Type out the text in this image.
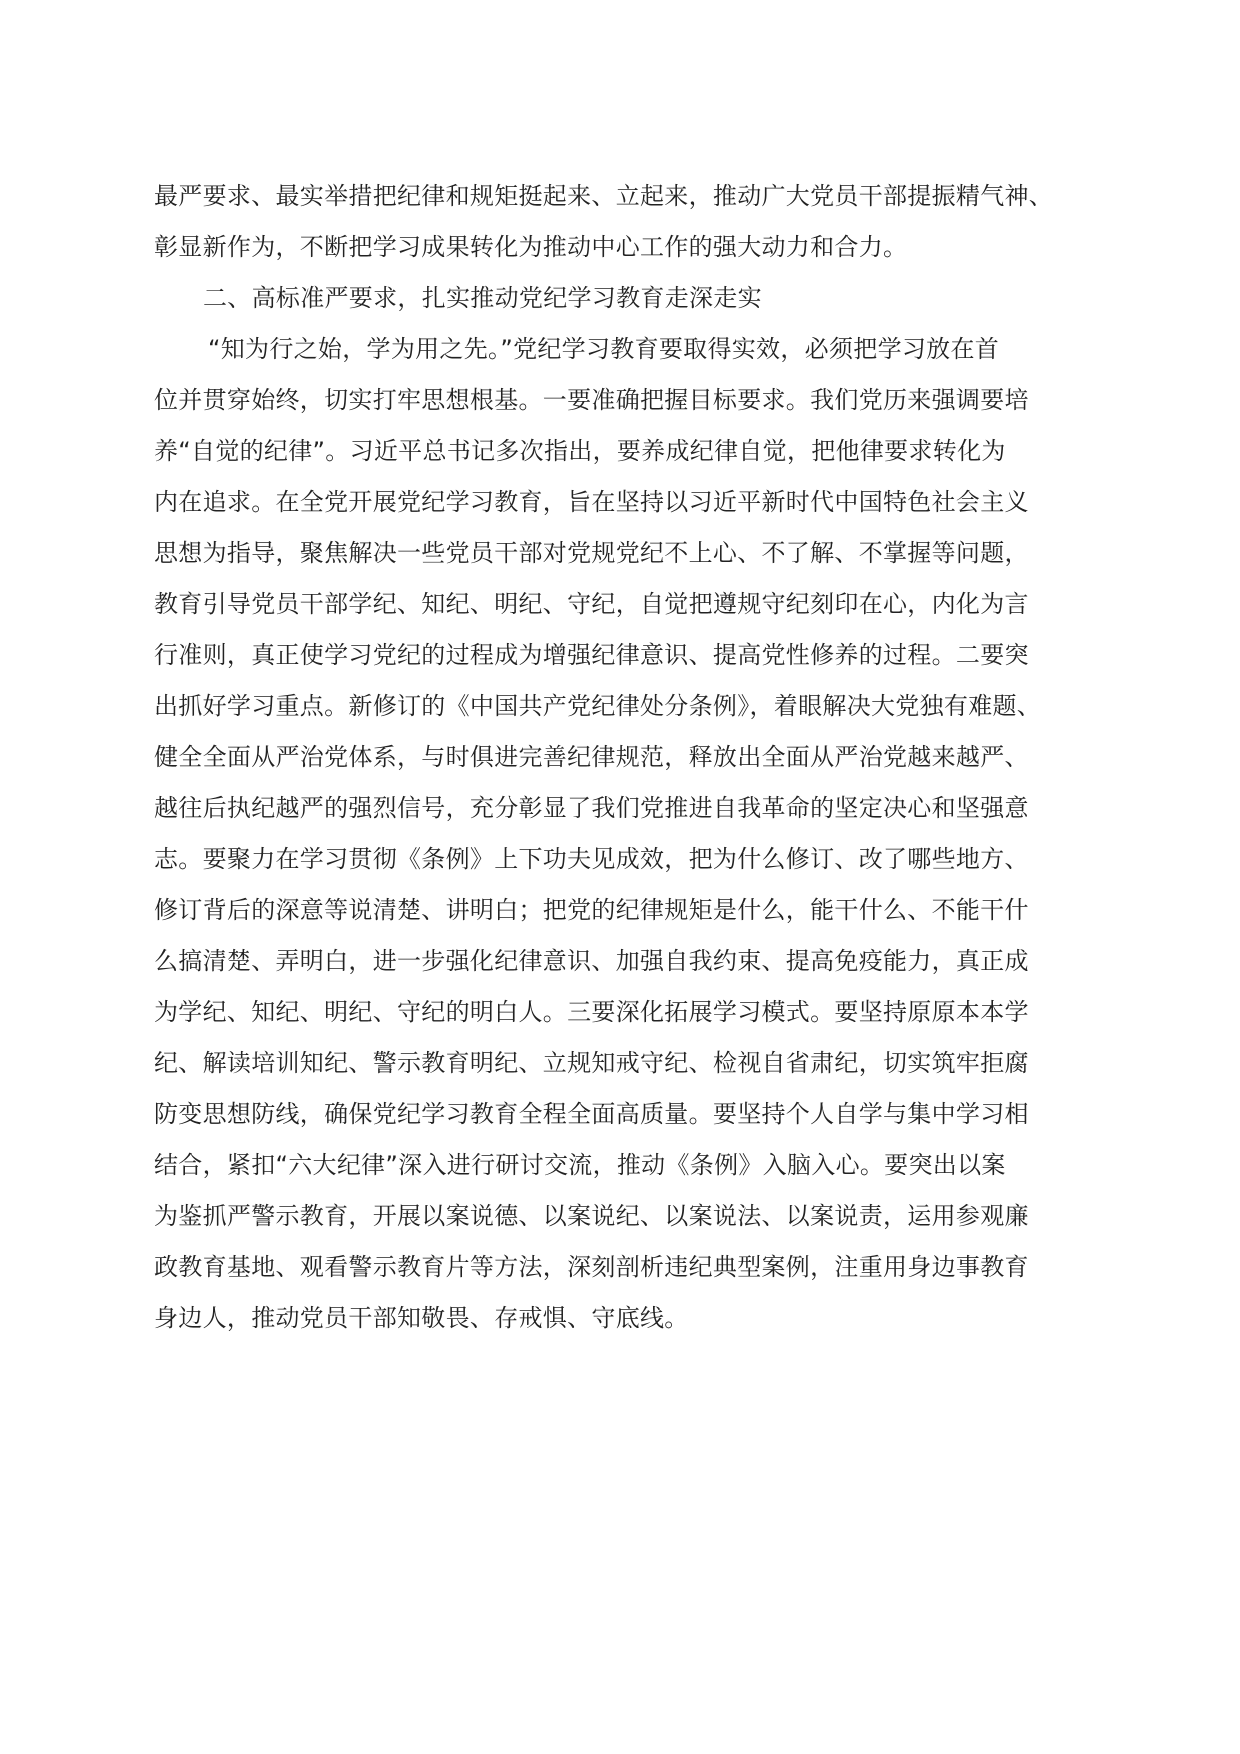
最严要求、最实举措把纪律和规矩挺起来、立起来，推动广大党员干部提振精气神、
彰显新作为，不断把学习成果转化为推动中心工作的强大动力和合力。
二、高标准严要求，扎实推动党纪学习教育走深走实
“知为行之始，学为用之先。”党纪学习教育要取得实效，必须把学习放在首
位并贯穿始终，切实打牢思想根基。一要准确把握目标要求。我们党历来强调要培
养“自觉的纪律”。习近平总书记多次指出，要养成纪律自觉，把他律要求转化为
内在追求。在全党开展党纪学习教育，旨在坚持以习近平新时代中国特色社会主义
思想为指导，聚焦解决一些党员干部对党规党纪不上心、不了解、不掌握等问题，
教育引导党员干部学纪、知纪、明纪、守纪，自觉把遵规守纪刻印在心，内化为言
行准则，真正使学习党纪的过程成为增强纪律意识、提高党性修养的过程。二要突
出抓好学习重点。新修订的《中国共产党纪律处分条例》，着眼解决大党独有难题、
健全全面从严治党体系，与时俱进完善纪律规范，释放出全面从严治党越来越严、
越往后执纪越严的强烈信号，充分彰显了我们党推进自我革命的坚定决心和坚强意
志。要聚力在学习贯彻《条例》上下功夫见成效，把为什么修订、改了哪些地方、
修订背后的深意等说清楚、讲明白；把党的纪律规矩是什么，能干什么、不能干什
么搞清楚、弄明白，进一步强化纪律意识、加强自我约束、提高免疫能力，真正成
为学纪、知纪、明纪、守纪的明白人。三要深化拓展学习模式。要坚持原原本本学
纪、解读培训知纪、警示教育明纪、立规知戒守纪、检视自省肃纪，切实筑牢拒腐
防变思想防线，确保党纪学习教育全程全面高质量。要坚持个人自学与集中学习相
结合，紧扣“六大纪律”深入进行研讨交流，推动《条例》入脑入心。要突出以案
为鉴抓严警示教育，开展以案说德、以案说纪、以案说法、以案说责，运用参观廉
政教育基地、观看警示教育片等方法，深刻剖析违纪典型案例，注重用身边事教育
身边人，推动党员干部知敬畏、存戒惧、守底线。
